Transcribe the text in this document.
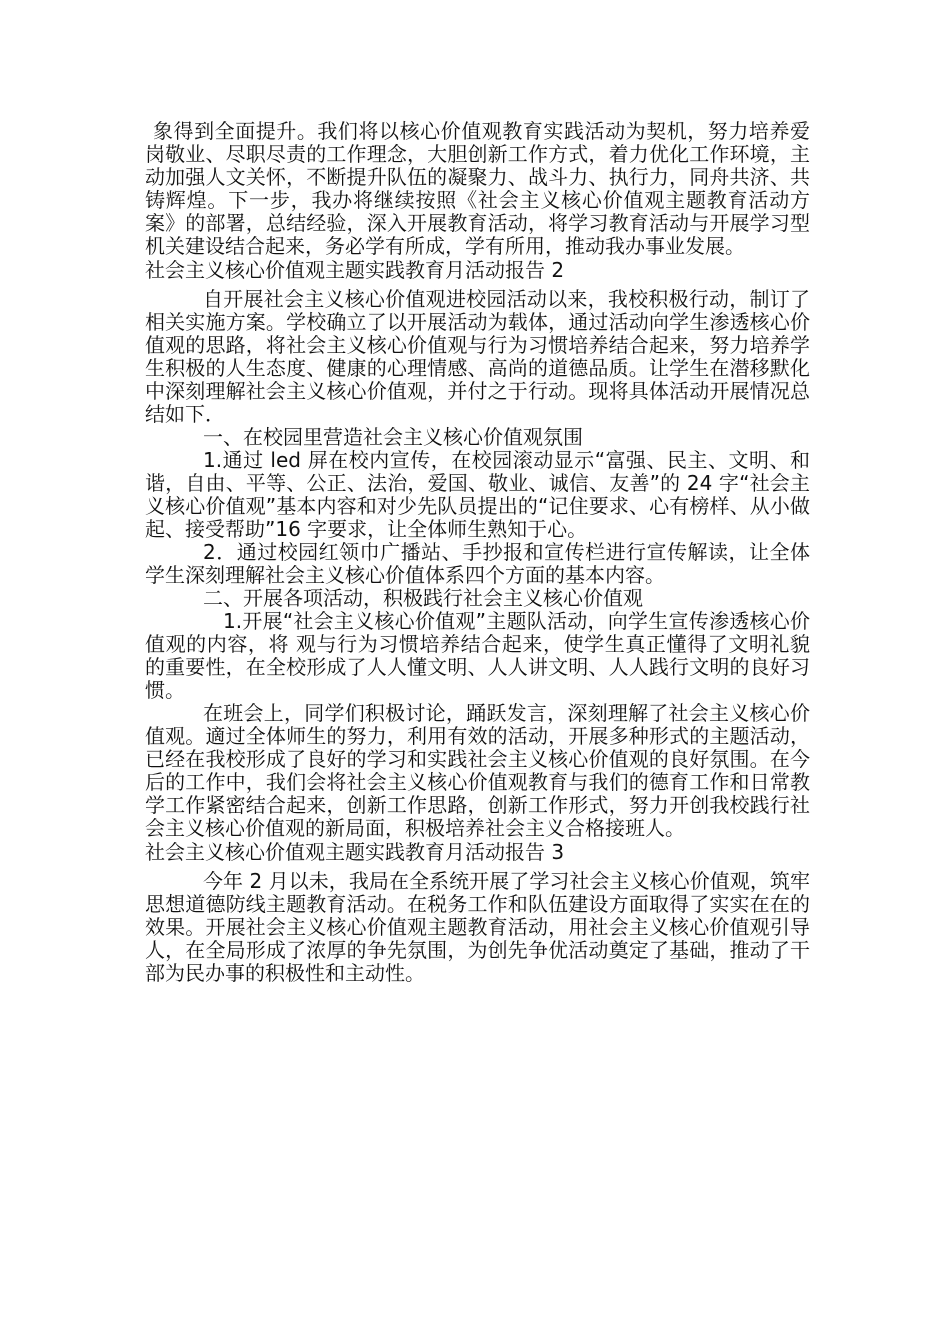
象得到全面提升。我们将以核心价值观教育实践活动为契机，努力培养爱岗敬业、尽职尽责的工作理念，大胆创新工作方式，着力优化工作环境，主动加强人文关怀，不断提升队伍的凝聚力、战斗力、执行力，同舟共济、共铸辉煌。下一步，我办将继续按照《社会主义核心价值观主题教育活动方案》的部署，总结经验，深入开展教育活动，将学习教育活动与开展学习型机关建设结合起来，务必学有所成，学有所用，推动我办事业发展。

社会主义核心价值观主题实践教育月活动报告 2

自开展社会主义核心价值观进校园活动以来，我校积极行动，制订了相关实施方案。学校确立了以开展活动为载体，通过活动向学生渗透核心价值观的思路，将社会主义核心价值观与行为习惯培养结合起来，努力培养学生积极的人生态度、健康的心理情感、高尚的道德品质。让学生在潜移默化中深刻理解社会主义核心价值观，并付之于行动。现将具体活动开展情况总结如下．

一、在校园里营造社会主义核心价值观氛围

1.通过 led 屏在校内宣传，在校园滚动显示“富强、民主、文明、和谐，自由、平等、公正、法治，爱国、敬业、诚信、友善”的 24 字“社会主义核心价值观”基本内容和对少先队员提出的“记住要求、心有榜样、从小做起、接受帮助”16 字要求，让全体师生熟知于心。

2．通过校园红领巾广播站、手抄报和宣传栏进行宣传解读，让全体学生深刻理解社会主义核心价值体系四个方面的基本内容。

二、开展各项活动，积极践行社会主义核心价值观

1.开展“社会主义核心价值观”主题队活动，向学生宣传渗透核心价值观的内容，将 观与行为习惯培养结合起来，使学生真正懂得了文明礼貌的重要性，在全校形成了人人懂文明、人人讲文明、人人践行文明的良好习惯。

在班会上，同学们积极讨论，踊跃发言，深刻理解了社会主义核心价值观。適过全体师生的努力，利用有效的活动，开展多种形式的主题活动，已经在我校形成了良好的学习和实践社会主义核心价值观的良好氛围。在今后的工作中，我们会将社会主义核心价值观教育与我们的德育工作和日常教学工作紧密结合起来，创新工作思路，创新工作形式，努力开创我校践行社会主义核心价值观的新局面，积极培养社会主义合格接班人。

社会主义核心价值观主题实践教育月活动报告 3

今年 2 月以未，我局在全系统开展了学习社会主义核心价值观，筑牢思想道德防线主题教育活动。在税务工作和队伍建设方面取得了实实在在的效果。开展社会主义核心价值观主题教育活动，用社会主义核心价值观引导人，在全局形成了浓厚的争先氛围，为创先争优活动奠定了基础，推动了干部为民办事的积极性和主动性。
